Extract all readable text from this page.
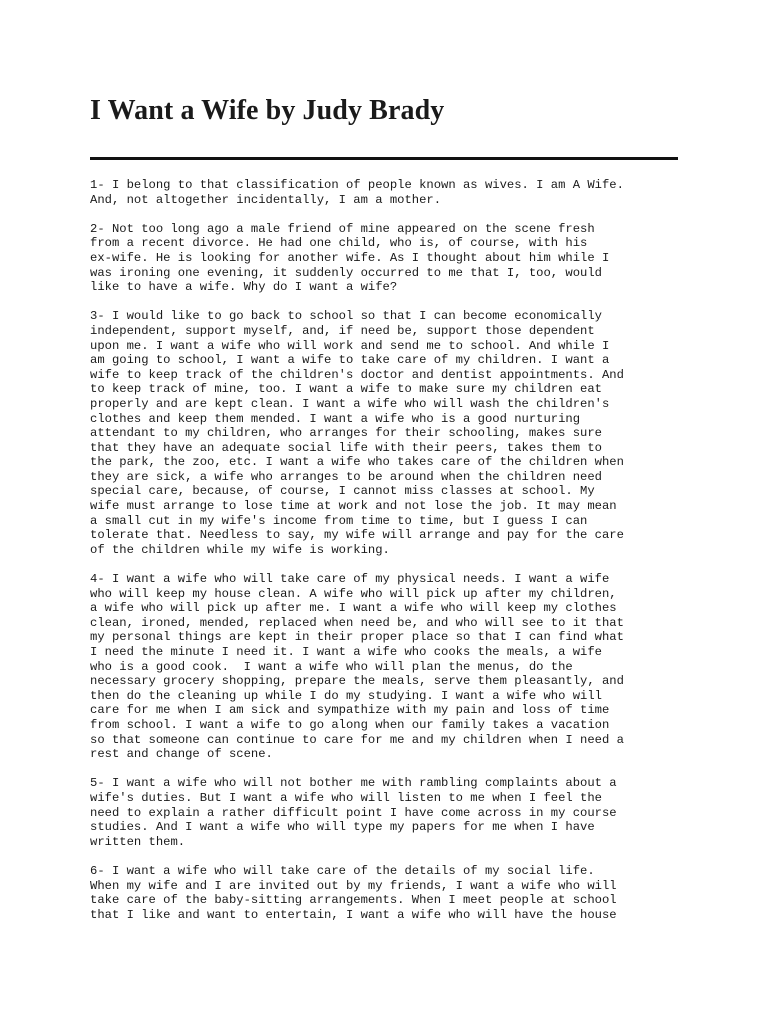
I Want a Wife by Judy Brady

1- I belong to that classification of people known as wives. I am A Wife.
And, not altogether incidentally, I am a mother.

2- Not too long ago a male friend of mine appeared on the scene fresh
from a recent divorce. He had one child, who is, of course, with his
ex-wife. He is looking for another wife. As I thought about him while I
was ironing one evening, it suddenly occurred to me that I, too, would
like to have a wife. Why do I want a wife?

3- I would like to go back to school so that I can become economically
independent, support myself, and, if need be, support those dependent
upon me. I want a wife who will work and send me to school. And while I
am going to school, I want a wife to take care of my children. I want a
wife to keep track of the children's doctor and dentist appointments. And
to keep track of mine, too. I want a wife to make sure my children eat
properly and are kept clean. I want a wife who will wash the children's
clothes and keep them mended. I want a wife who is a good nurturing
attendant to my children, who arranges for their schooling, makes sure
that they have an adequate social life with their peers, takes them to
the park, the zoo, etc. I want a wife who takes care of the children when
they are sick, a wife who arranges to be around when the children need
special care, because, of course, I cannot miss classes at school. My
wife must arrange to lose time at work and not lose the job. It may mean
a small cut in my wife's income from time to time, but I guess I can
tolerate that. Needless to say, my wife will arrange and pay for the care
of the children while my wife is working.

4- I want a wife who will take care of my physical needs. I want a wife
who will keep my house clean. A wife who will pick up after my children,
a wife who will pick up after me. I want a wife who will keep my clothes
clean, ironed, mended, replaced when need be, and who will see to it that
my personal things are kept in their proper place so that I can find what
I need the minute I need it. I want a wife who cooks the meals, a wife
who is a good cook.  I want a wife who will plan the menus, do the
necessary grocery shopping, prepare the meals, serve them pleasantly, and
then do the cleaning up while I do my studying. I want a wife who will
care for me when I am sick and sympathize with my pain and loss of time
from school. I want a wife to go along when our family takes a vacation
so that someone can continue to care for me and my children when I need a
rest and change of scene.

5- I want a wife who will not bother me with rambling complaints about a
wife's duties. But I want a wife who will listen to me when I feel the
need to explain a rather difficult point I have come across in my course
studies. And I want a wife who will type my papers for me when I have
written them.

6- I want a wife who will take care of the details of my social life.
When my wife and I are invited out by my friends, I want a wife who will
take care of the baby-sitting arrangements. When I meet people at school
that I like and want to entertain, I want a wife who will have the house
